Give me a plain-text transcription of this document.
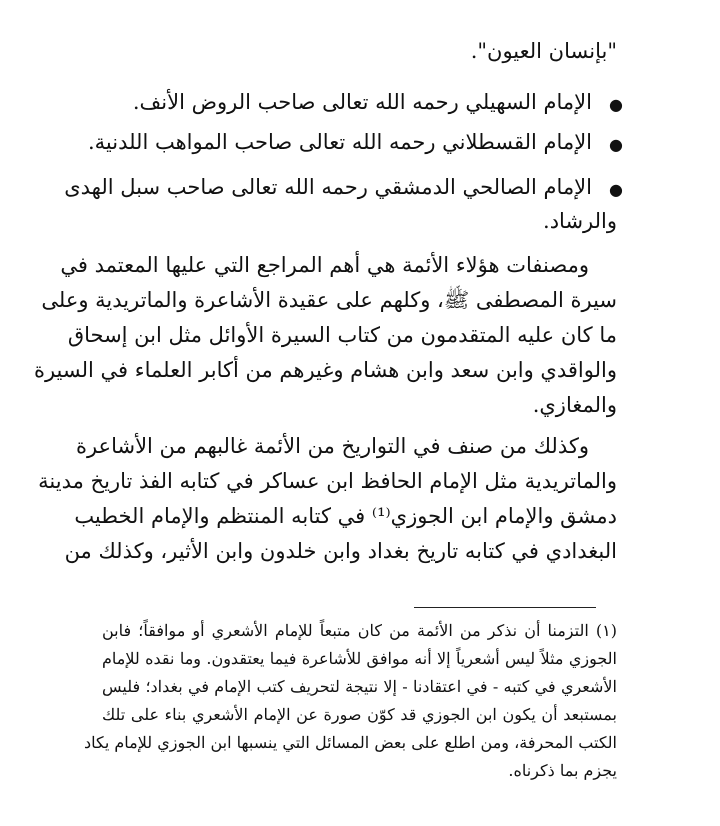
"بإنسان العيون".
●
الإمام السهيلي رحمه الله تعالى صاحب الروض الأنف.
●
الإمام القسطلاني رحمه الله تعالى صاحب المواهب اللدنية.
●
الإمام الصالحي الدمشقي رحمه الله تعالى صاحب سبل الهدى
والرشاد.
ومصنفات هؤلاء الأئمة هي أهم المراجع التي عليها المعتمد في
سيرة المصطفى ﷺ، وكلهم على عقيدة الأشاعرة والماتريدية وعلى
ما كان عليه المتقدمون من كتاب السيرة الأوائل مثل ابن إسحاق
والواقدي وابن سعد وابن هشام وغيرهم من أكابر العلماء في السيرة
والمغازي.
وكذلك من صنف في التواريخ من الأئمة غالبهم من الأشاعرة
والماتريدية مثل الإمام الحافظ ابن عساكر في كتابه الفذ تاريخ مدينة
دمشق والإمام ابن الجوزي⁽¹⁾ في كتابه المنتظم والإمام الخطيب
البغدادي في كتابه تاريخ بغداد وابن خلدون وابن الأثير، وكذلك من
(١) التزمنا أن نذكر من الأئمة من كان متبعاً للإمام الأشعري أو موافقاً؛ فابن
الجوزي مثلاً ليس أشعرياً إلا أنه موافق للأشاعرة فيما يعتقدون. وما نقده للإمام
الأشعري في كتبه - في اعتقادنا - إلا نتيجة لتحريف كتب الإمام في بغداد؛ فليس
بمستبعد أن يكون ابن الجوزي قد كوّن صورة عن الإمام الأشعري بناء على تلك
الكتب المحرفة، ومن اطلع على بعض المسائل التي ينسبها ابن الجوزي للإمام يكاد
يجزم بما ذكرناه.
